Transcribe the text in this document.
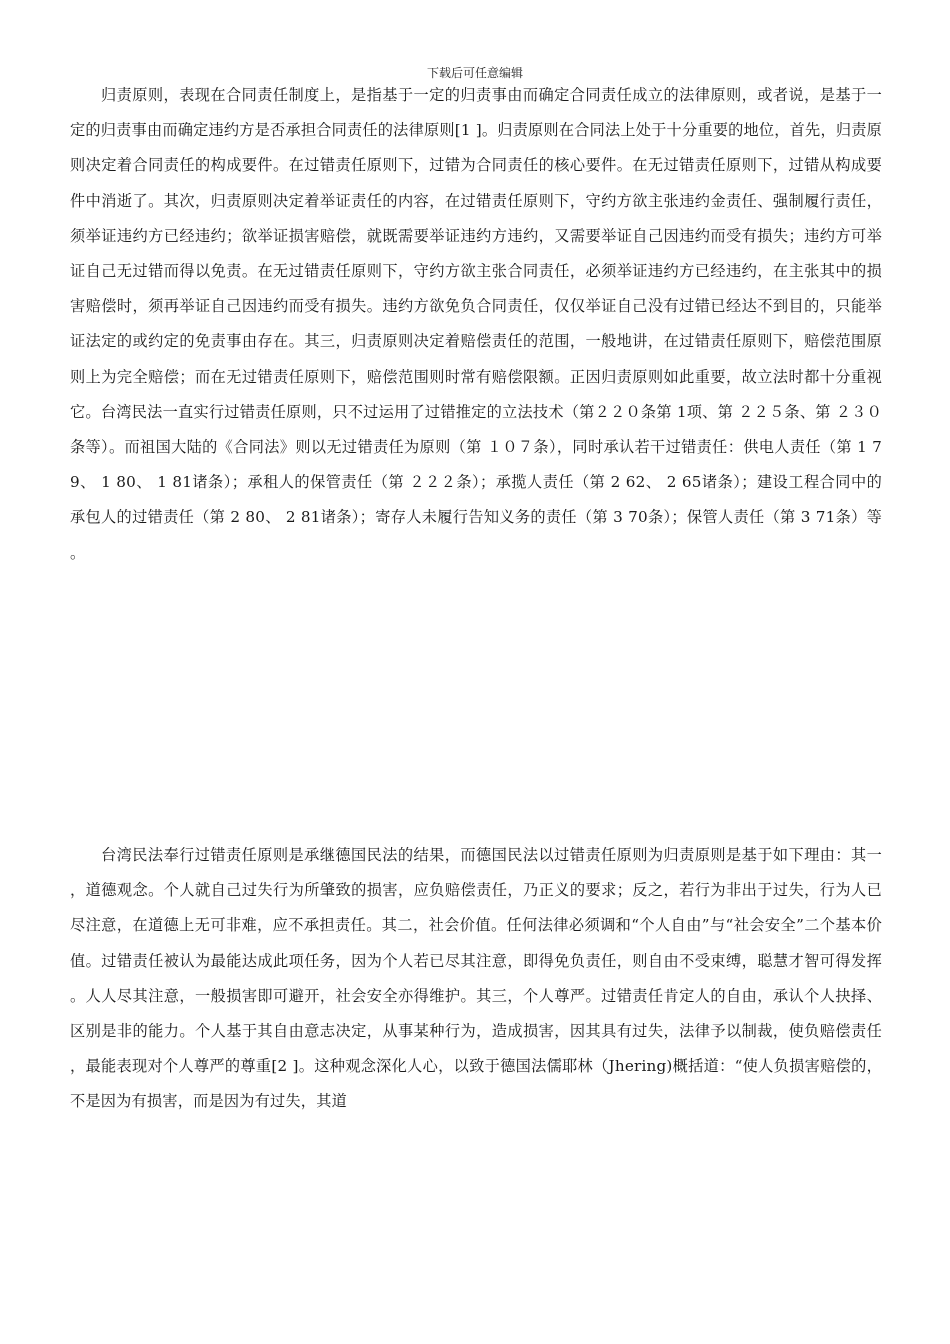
下载后可任意编辑

归责原则，表现在合同责任制度上，是指基于一定的归责事由而确定合同责任成立的法律原则，或者说，是基于一定的归责事由而确定违约方是否承担合同责任的法律原则[1 ]。归责原则在合同法上处于十分重要的地位，首先，归责原则决定着合同责任的构成要件。在过错责任原则下，过错为合同责任的核心要件。在无过错责任原则下，过错从构成要件中消逝了。其次，归责原则决定着举证责任的内容，在过错责任原则下，守约方欲主张违约金责任、强制履行责任，须举证违约方已经违约；欲举证损害赔偿，就既需要举证违约方违约，又需要举证自己因违约而受有损失；违约方可举证自己无过错而得以免责。在无过错责任原则下，守约方欲主张合同责任，必须举证违约方已经违约，在主张其中的损害赔偿时，须再举证自己因违约而受有损失。违约方欲免负合同责任，仅仅举证自己没有过错已经达不到目的，只能举证法定的或约定的免责事由存在。其三，归责原则决定着赔偿责任的范围，一般地讲，在过错责任原则下，赔偿范围原则上为完全赔偿；而在无过错责任原则下，赔偿范围则时常有赔偿限额。正因归责原则如此重要，故立法时都十分重视它。台湾民法一直实行过错责任原则，只不过运用了过错推定的立法技术（第２２０条第 1项、第 ２２５条、第 ２３０条等）。而祖国大陆的《合同法》则以无过错责任为原则（第 １０７条），同时承认若干过错责任：供电人责任（第 1 79、 1 80、 1 81诸条）；承租人的保管责任（第 ２２２条）；承揽人责任（第 2 62、 2 65诸条）；建设工程合同中的承包人的过错责任（第 2 80、 2 81诸条）；寄存人未履行告知义务的责任（第 3 70条）；保管人责任（第 3 71条）等。

台湾民法奉行过错责任原则是承继德国民法的结果，而德国民法以过错责任原则为归责原则是基于如下理由：其一，道德观念。个人就自己过失行为所肇致的损害，应负赔偿责任，乃正义的要求；反之，若行为非出于过失，行为人已尽注意，在道德上无可非难，应不承担责任。其二，社会价值。任何法律必须调和“个人自由”与“社会安全”二个基本价值。过错责任被认为最能达成此项任务，因为个人若已尽其注意，即得免负责任，则自由不受束缚，聪慧才智可得发挥。人人尽其注意，一般损害即可避开，社会安全亦得维护。其三，个人尊严。过错责任肯定人的自由，承认个人抉择、区别是非的能力。个人基于其自由意志决定，从事某种行为，造成损害，因其具有过失，法律予以制裁，使负赔偿责任，最能表现对个人尊严的尊重[2 ]。这种观念深化人心，以致于德国法儒耶林（Jhering)概括道：“使人负损害赔偿的，不是因为有损害，而是因为有过失，其道
